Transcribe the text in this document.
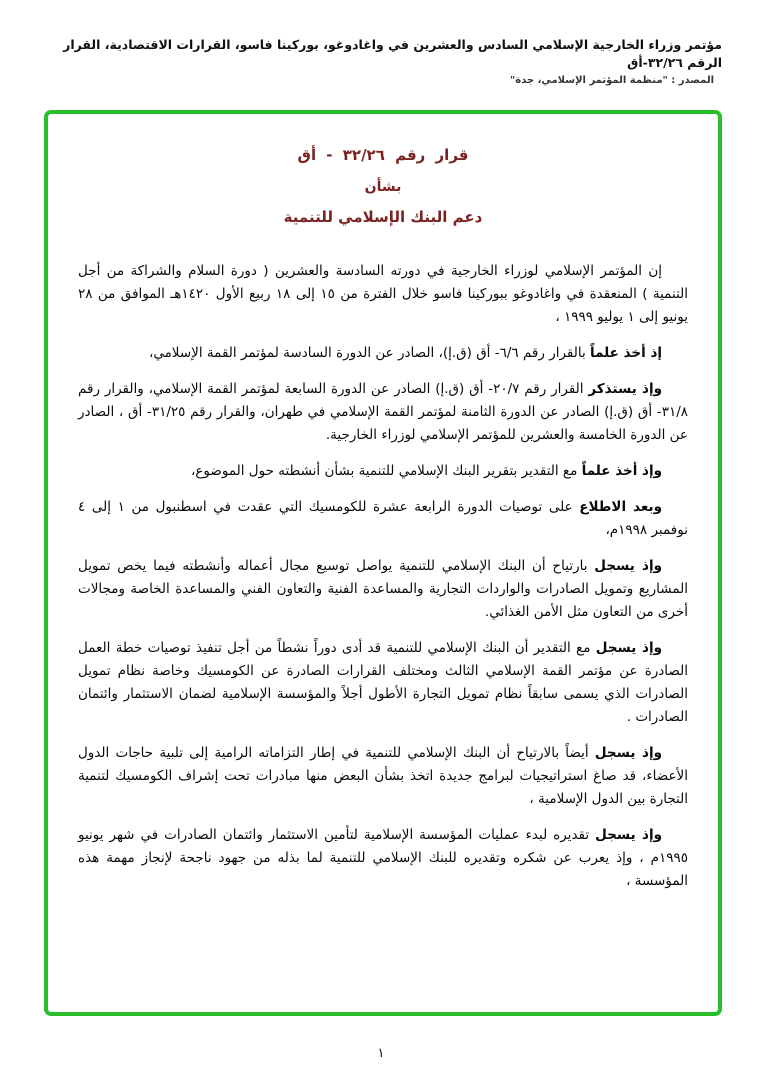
مؤتمر وزراء الخارجية الإسلامي السادس والعشرين في واغادوغو، بوركينا فاسو، القرارات الاقتصادية، القرار الرقم ٣٢/٢٦-أق
المصدر : "منظمة المؤتمر الإسلامي، جدة"
قرار رقم ٣٢/٢٦ - أق
بشأن
دعم البنك الإسلامي للتنمية

إن المؤتمر الإسلامي لوزراء الخارجية في دورته السادسة والعشرين ( دورة السلام والشراكة من أجل التنمية ) المنعقدة في واغادوغو ببوركينا فاسو خلال الفترة من ١٥ إلى ١٨ ربيع الأول ١٤٢٠هـ الموافق من ٢٨ يونيو إلى ١ يوليو ١٩٩٩ ،

إذ أخذ علماً بالقرار رقم ٦/٦- أق (ق.إ)، الصادر عن الدورة السادسة لمؤتمر القمة الإسلامي،

وإذ يستذكر القرار رقم ٢٠/٧- أق (ق.إ) الصادر عن الدورة السابعة لمؤتمر القمة الإسلامي، والقرار رقم ٣١/٨- أق (ق.إ) الصادر عن الدورة الثامنة لمؤتمر القمة الإسلامي في طهران، والقرار رقم ٣١/٢٥- أق ، الصادر عن الدورة الخامسة والعشرين للمؤتمر الإسلامي لوزراء الخارجية.

وإذ أخذ علماً مع التقدير بتقرير البنك الإسلامي للتنمية بشأن أنشطته حول الموضوع،

وبعد الاطلاع على توصيات الدورة الرابعة عشرة للكومسيك التي عقدت في اسطنبول من ١ إلى ٤ نوفمبر ١٩٩٨م،

وإذ يسجل بارتياح أن البنك الإسلامي للتنمية يواصل توسيع مجال أعماله وأنشطته فيما يخص تمويل المشاريع وتمويل الصادرات والواردات التجارية والمساعدة الفنية والتعاون الفني والمساعدة الخاصة ومجالات أخرى من التعاون مثل الأمن الغذائي.

وإذ يسجل مع التقدير أن البنك الإسلامي للتنمية قد أدى دوراً نشطاً من أجل تنفيذ توصيات خطة العمل الصادرة عن مؤتمر القمة الإسلامي الثالث ومختلف القرارات الصادرة عن الكومسيك وخاصة نظام تمويل الصادرات الذي يسمى سابقاً نظام تمويل التجارة الأطول أجلاً والمؤسسة الإسلامية لضمان الاستثمار وائتمان الصادرات .

وإذ يسجل أيضاً بالارتياح أن البنك الإسلامي للتنمية في إطار التزاماته الرامية إلى تلبية حاجات الدول الأعضاء، قد صاغ استراتيجيات لبرامج جديدة اتخذ بشأن البعض منها مبادرات تحت إشراف الكومسيك لتنمية التجارة بين الدول الإسلامية ،

وإذ يسجل تقديره لبدء عمليات المؤسسة الإسلامية لتأمين الاستثمار وائتمان الصادرات في شهر يونيو ١٩٩٥م ، وإذ يعرب عن شكره وتقديره للبنك الإسلامي للتنمية لما بذله من جهود ناجحة لإنجاز مهمة هذه المؤسسة ،

١
